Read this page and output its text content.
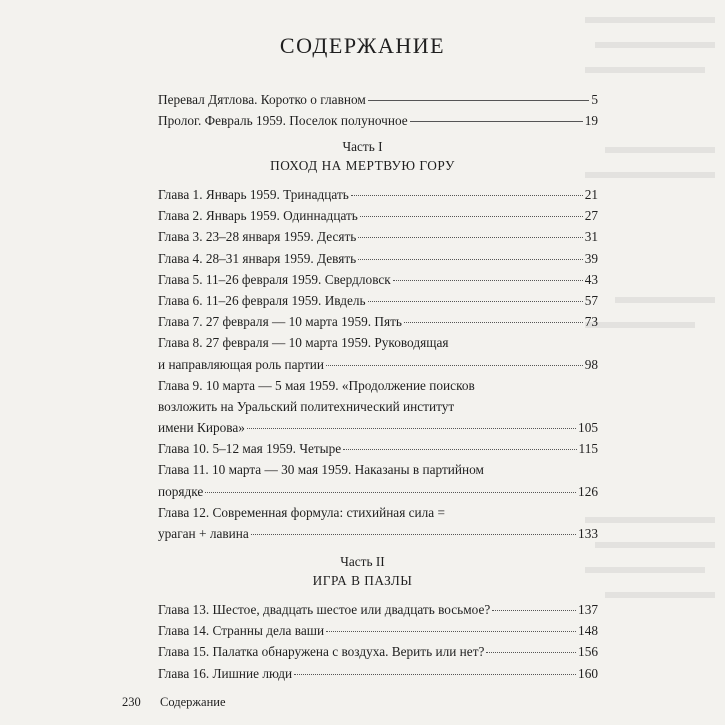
СОДЕРЖАНИЕ
Перевал Дятлова. Коротко о главном	5
Пролог. Февраль 1959. Поселок полуночное	19
Часть I
ПОХОД НА МЕРТВУЮ ГОРУ
Глава 1. Январь 1959. Тринадцать	21
Глава 2. Январь 1959. Одиннадцать	27
Глава 3. 23–28 января 1959. Десять	31
Глава 4. 28–31 января 1959. Девять	39
Глава 5. 11–26 февраля 1959. Свердловск	43
Глава 6. 11–26 февраля 1959. Ивдель	57
Глава 7. 27 февраля — 10 марта 1959. Пять	73
Глава 8. 27 февраля — 10 марта 1959. Руководящая
и направляющая роль партии	98
Глава 9. 10 марта — 5 мая 1959. «Продолжение поисков
возложить на Уральский политехнический институт
имени Кирова»	105
Глава 10. 5–12 мая 1959. Четыре	115
Глава 11. 10 марта — 30 мая 1959. Наказаны в партийном
порядке	126
Глава 12. Современная формула: стихийная сила =
ураган + лавина	133
Часть II
ИГРА В ПАЗЛЫ
Глава 13. Шестое, двадцать шестое или двадцать восьмое?	137
Глава 14. Странны дела ваши	148
Глава 15. Палатка обнаружена с воздуха. Верить или нет?	156
Глава 16. Лишние люди	160
230 Содержание
